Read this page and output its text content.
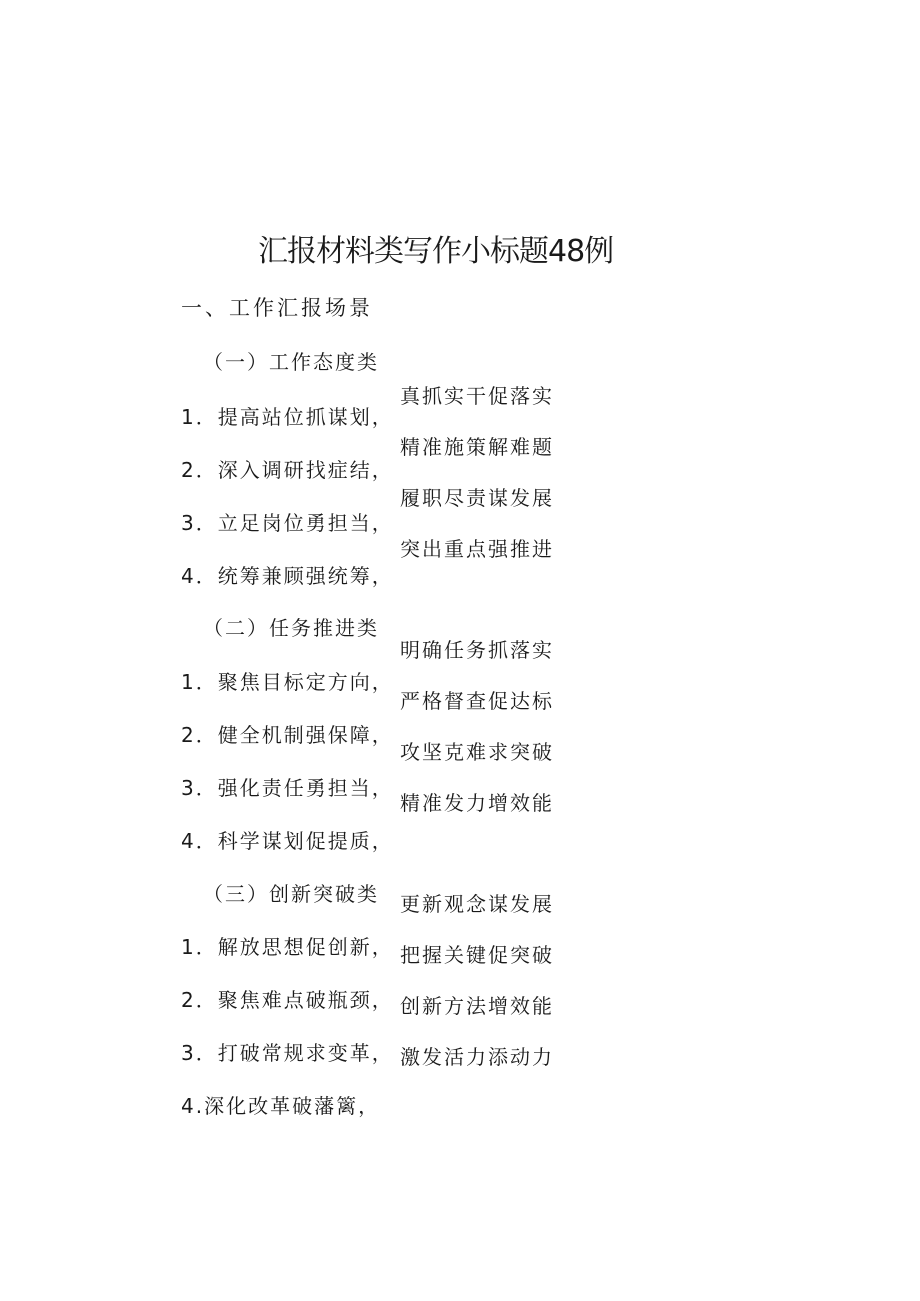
汇报材料类写作小标题48例
一、工作汇报场景
（一）工作态度类
真抓实干促落实
1．提高站位抓谋划，
精准施策解难题
2．深入调研找症结，
履职尽责谋发展
3．立足岗位勇担当，
突出重点强推进
4．统筹兼顾强统筹，
（二）任务推进类
明确任务抓落实
1．聚焦目标定方向，
严格督查促达标
2．健全机制强保障，
攻坚克难求突破
3．强化责任勇担当，
精准发力增效能
4．科学谋划促提质，
（三）创新突破类 更新观念谋发展
1．解放思想促创新， 把握关键促突破
2．聚焦难点破瓶颈， 创新方法增效能
3．打破常规求变革， 激发活力添动力
4.深化改革破藩篱，
